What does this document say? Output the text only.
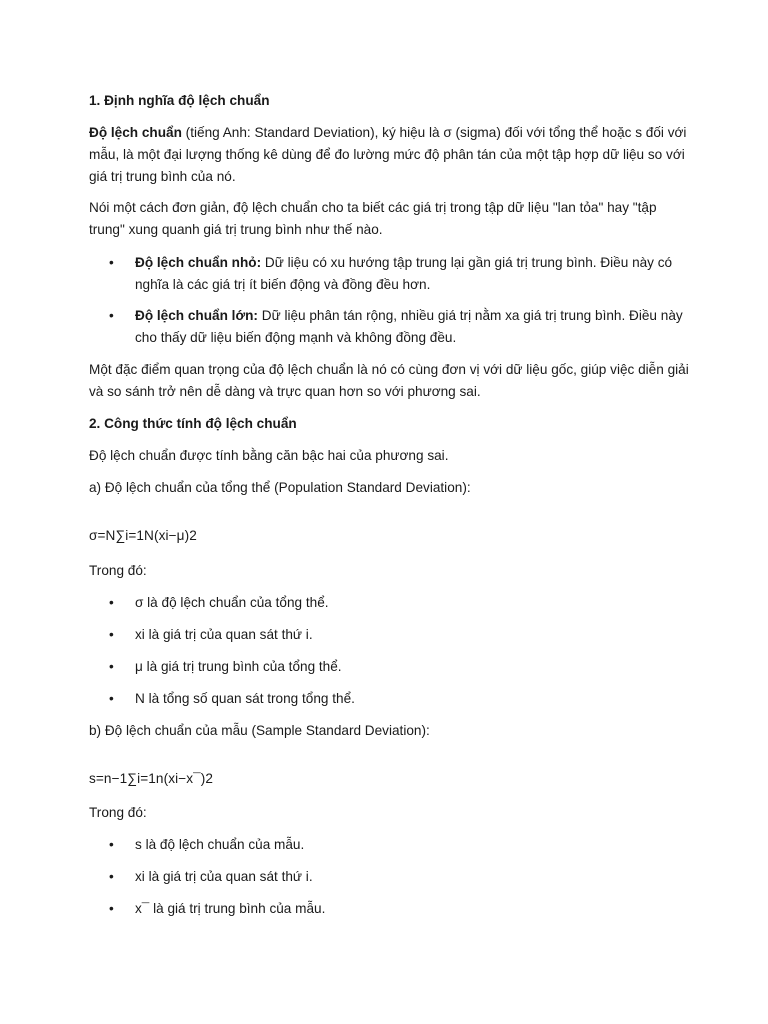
1. Định nghĩa độ lệch chuẩn
Độ lệch chuẩn (tiếng Anh: Standard Deviation), ký hiệu là σ (sigma) đối với tổng thể hoặc s đối với
mẫu, là một đại lượng thống kê dùng để đo lường mức độ phân tán của một tập hợp dữ liệu so với
giá trị trung bình của nó.
Nói một cách đơn giản, độ lệch chuẩn cho ta biết các giá trị trong tập dữ liệu "lan tỏa" hay "tập
trung" xung quanh giá trị trung bình như thế nào.
• Độ lệch chuẩn nhỏ: Dữ liệu có xu hướng tập trung lại gần giá trị trung bình. Điều này có
nghĩa là các giá trị ít biến động và đồng đều hơn.
• Độ lệch chuẩn lớn: Dữ liệu phân tán rộng, nhiều giá trị nằm xa giá trị trung bình. Điều này
cho thấy dữ liệu biến động mạnh và không đồng đều.
Một đặc điểm quan trọng của độ lệch chuẩn là nó có cùng đơn vị với dữ liệu gốc, giúp việc diễn giải
và so sánh trở nên dễ dàng và trực quan hơn so với phương sai.
2. Công thức tính độ lệch chuẩn
Độ lệch chuẩn được tính bằng căn bậc hai của phương sai.
a) Độ lệch chuẩn của tổng thể (Population Standard Deviation):
σ=N∑i=1N(xi−μ)2
Trong đó:
• σ là độ lệch chuẩn của tổng thể.
• xi là giá trị của quan sát thứ i.
• μ là giá trị trung bình của tổng thể.
• N là tổng số quan sát trong tổng thể.
b) Độ lệch chuẩn của mẫu (Sample Standard Deviation):
s=n−1∑i=1n(xi−x¯)2
Trong đó:
• s là độ lệch chuẩn của mẫu.
• xi là giá trị của quan sát thứ i.
• x¯ là giá trị trung bình của mẫu.
